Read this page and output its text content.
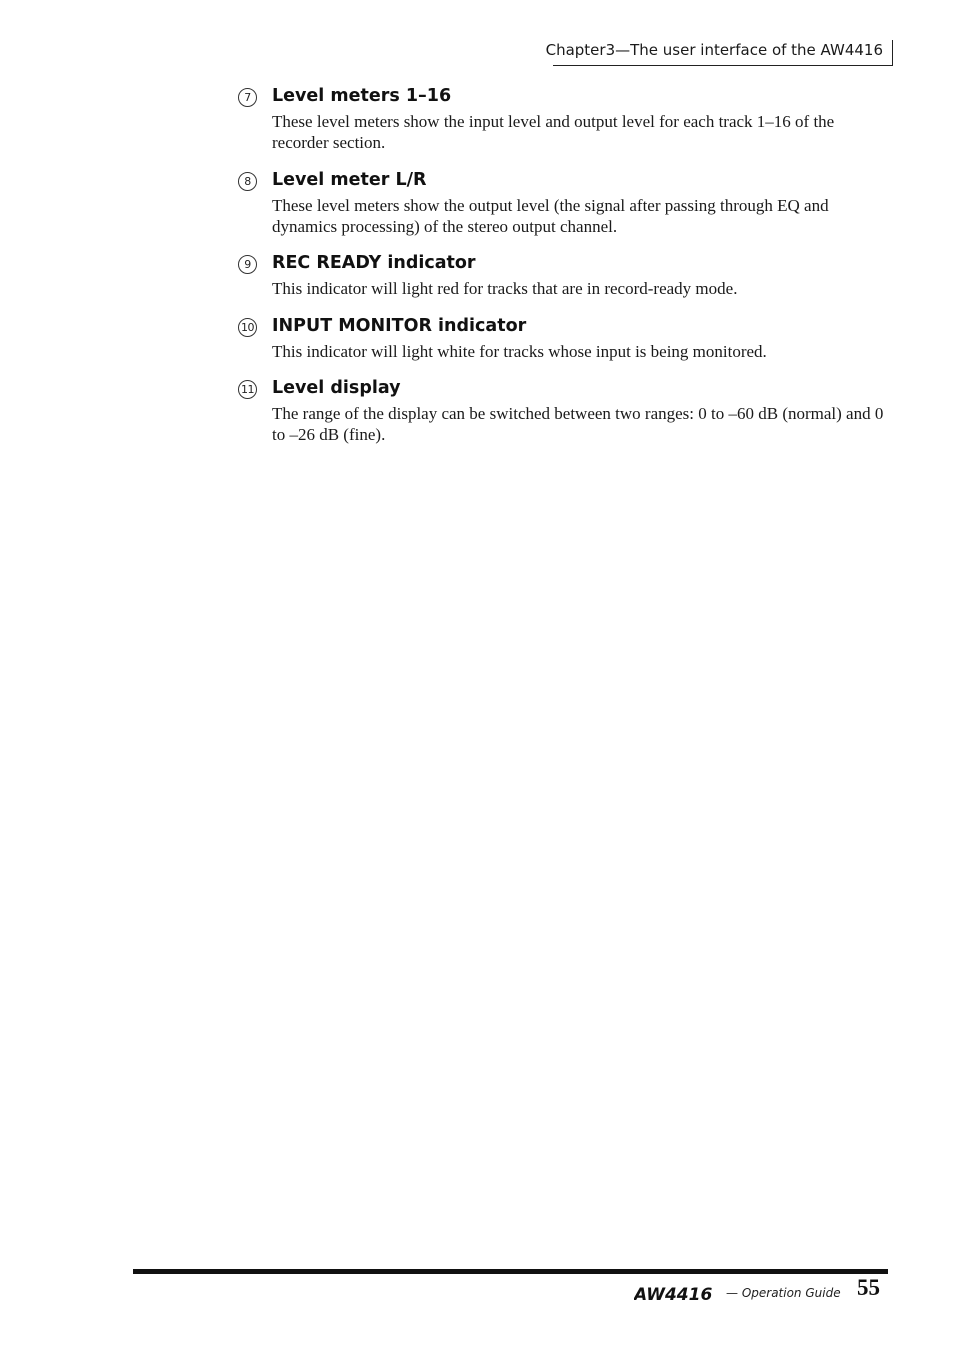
Chapter3—The user interface of the AW4416
7	Level meters 1–16
These level meters show the input level and output level for each track 1–16 of the recorder section.
8	Level meter L/R
These level meters show the output level (the signal after passing through EQ and dynamics processing) of the stereo output channel.
9	REC READY indicator
This indicator will light red for tracks that are in record-ready mode.
10 INPUT MONITOR indicator
This indicator will light white for tracks whose input is being monitored.
11 Level display
The range of the display can be switched between two ranges: 0 to –60 dB (normal) and 0 to –26 dB (fine).
AW4416 — Operation Guide 55
